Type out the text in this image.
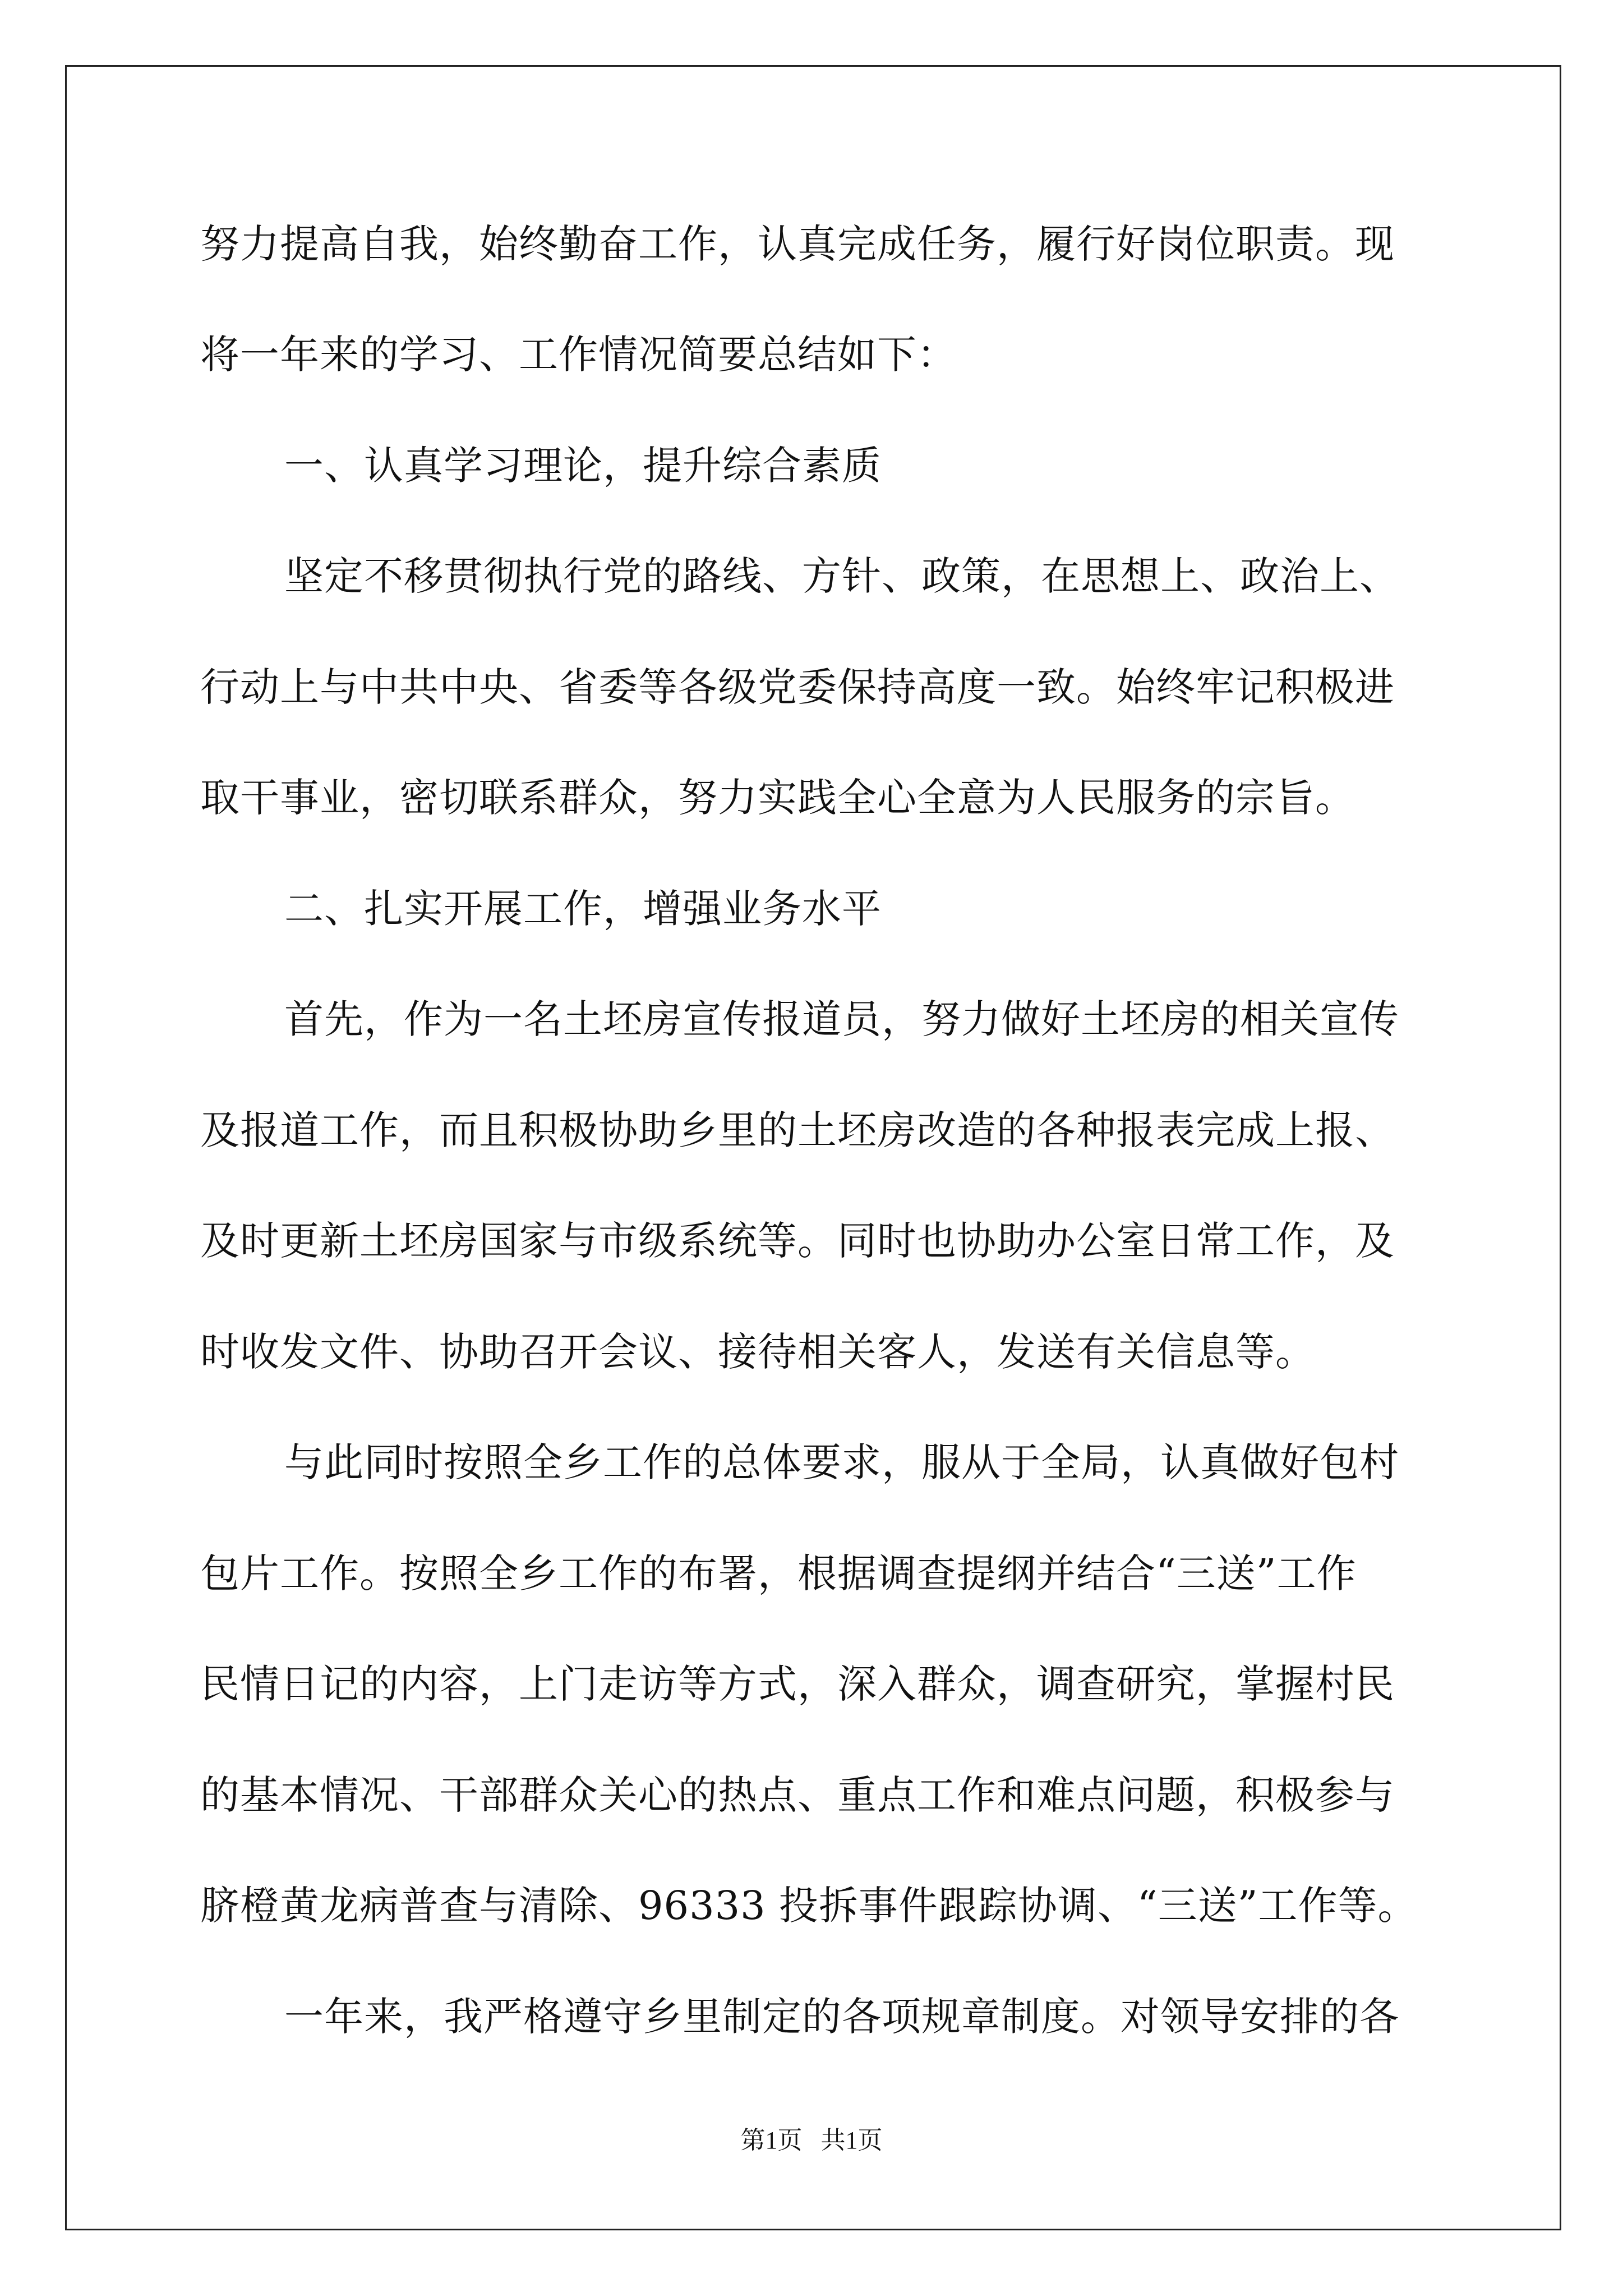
努力提高自我，始终勤奋工作，认真完成任务，履行好岗位职责。现
将一年来的学习、工作情况简要总结如下：
一、认真学习理论，提升综合素质
坚定不移贯彻执行党的路线、方针、政策，在思想上、政治上、
行动上与中共中央、省委等各级党委保持高度一致。始终牢记积极进
取干事业，密切联系群众，努力实践全心全意为人民服务的宗旨。
二、扎实开展工作，增强业务水平
首先，作为一名土坯房宣传报道员，努力做好土坯房的相关宣传
及报道工作，而且积极协助乡里的土坯房改造的各种报表完成上报、
及时更新土坯房国家与市级系统等。同时也协助办公室日常工作，及
时收发文件、协助召开会议、接待相关客人，发送有关信息等。
与此同时按照全乡工作的总体要求，服从于全局，认真做好包村
包片工作。按照全乡工作的布署，根据调查提纲并结合“三送”工作
民情日记的内容，上门走访等方式，深入群众，调查研究，掌握村民
的基本情况、干部群众关心的热点、重点工作和难点问题，积极参与
脐橙黄龙病普查与清除、96333 投拆事件跟踪协调、“三送”工作等。
一年来，我严格遵守乡里制定的各项规章制度。对领导安排的各
第1页   共1页
